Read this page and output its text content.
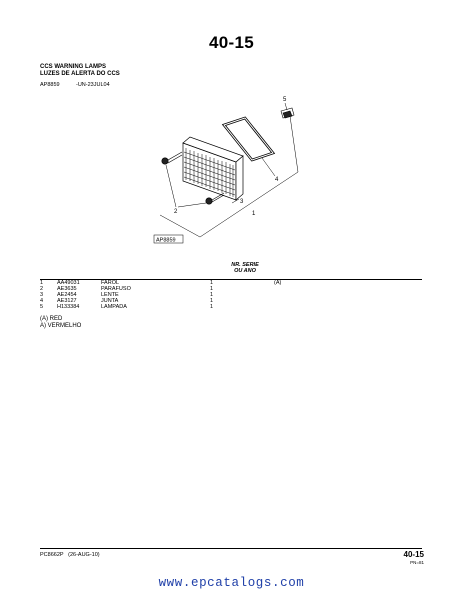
40-15
CCS WARNING LAMPS
LUZES DE ALERTA DO CCS
AP8859	-UN-23JUL04
1
2
3
4
5
AP8859
NR. SERIE
OU ANO
1	AA49031	FAROL	1	(A)
2	AE3635	PARAFUSO	1	
3	AE2454	LENTE	1	
4	AE3127	JUNTA	1	
5	H133384	LAMPADA	1	
(A) RED
A) VERMELHO
PC8662P (26-AUG-10)	40-15
PN=81
www.epcatalogs.com
